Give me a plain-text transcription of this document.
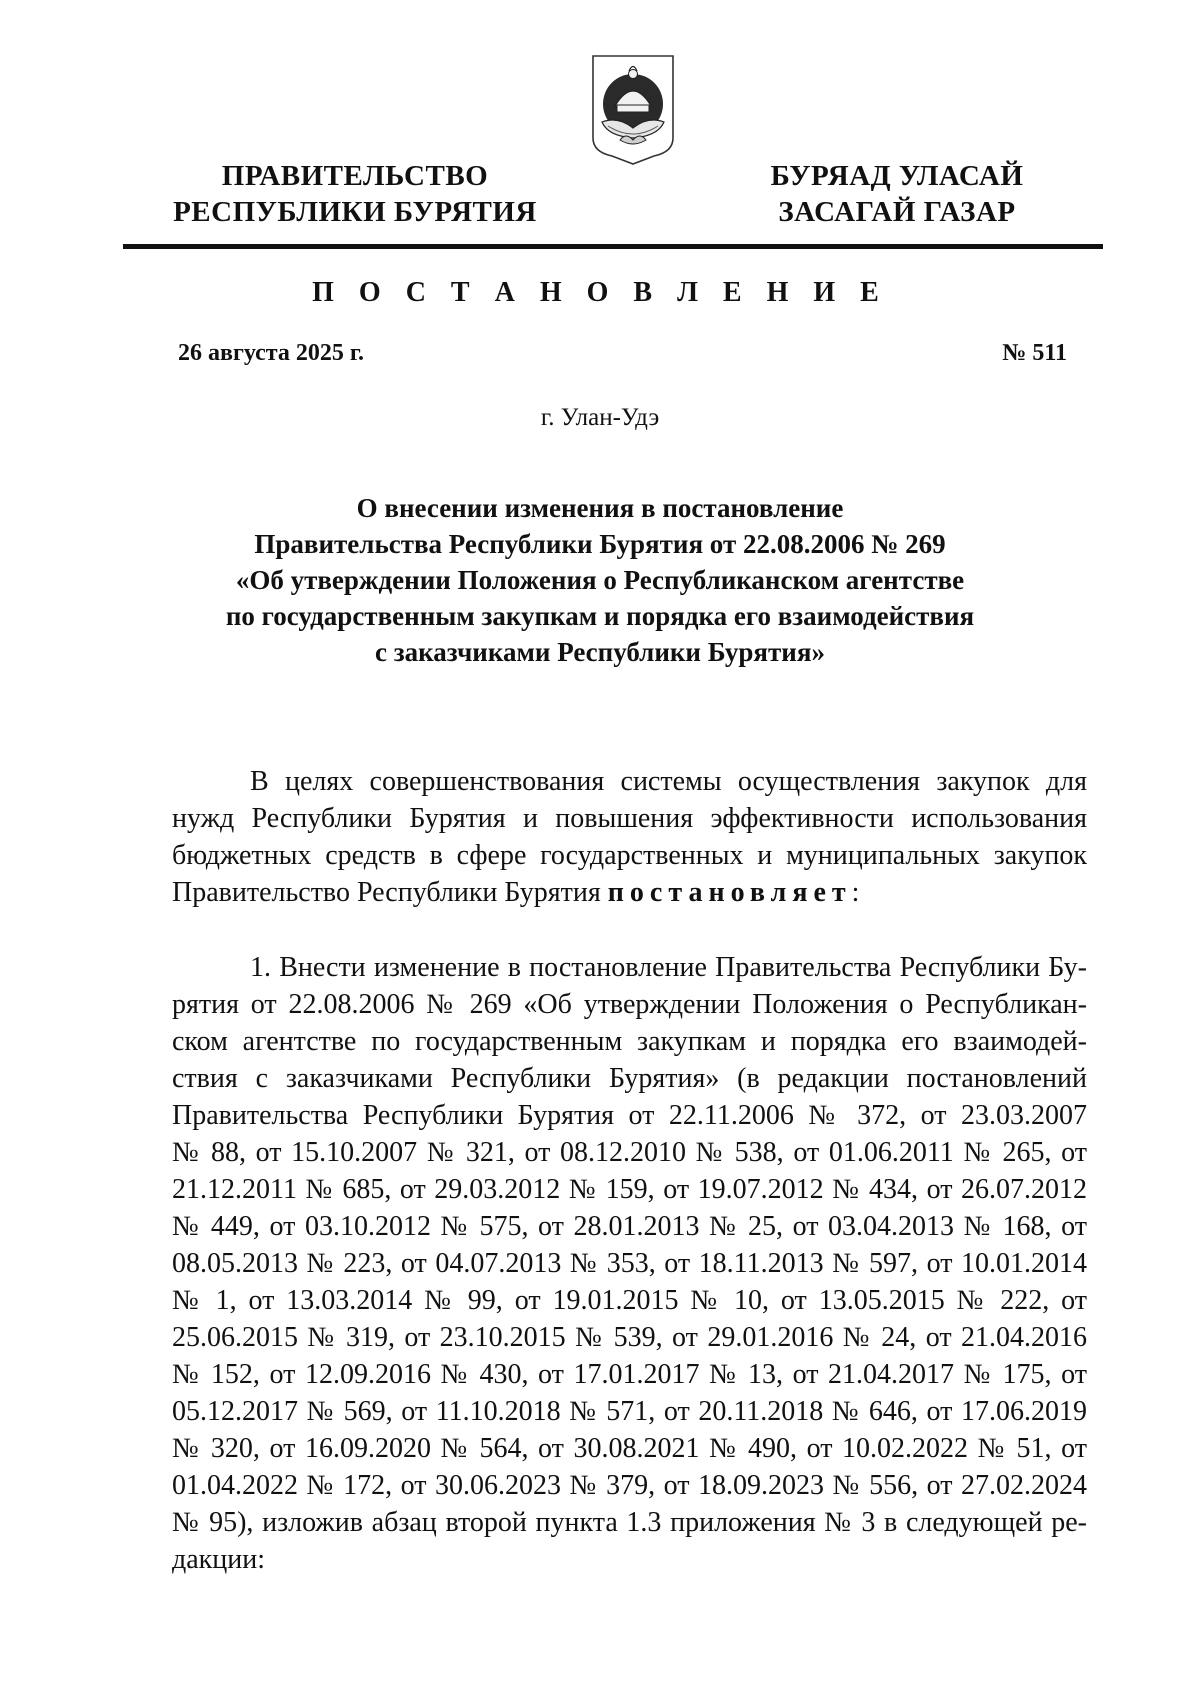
ПРАВИТЕЛЬСТВО
РЕСПУБЛИКИ БУРЯТИЯ
БУРЯАД УЛАСАЙ
ЗАСАГАЙ ГАЗАР
П О С Т А Н О В Л Е Н И Е
26 августа 2025 г.	№ 511
г. Улан-Удэ
О внесении изменения в постановление
Правительства Республики Бурятия от 22.08.2006 № 269
«Об утверждении Положения о Республиканском агентстве
по государственным закупкам и порядка его взаимодействия
с заказчиками Республики Бурятия»
В целях совершенствования системы осуществления закупок для
нужд Республики Бурятия и повышения эффективности использования
бюджетных средств в сфере государственных и муниципальных закупок
Правительство Республики Бурятия постановляет:
1. Внести изменение в постановление Правительства Республики Бу-
рятия от 22.08.2006 № 269 «Об утверждении Положения о Республикан-
ском агентстве по государственным закупкам и порядка его взаимодей-
ствия с заказчиками Республики Бурятия» (в редакции постановлений
Правительства Республики Бурятия от 22.11.2006 № 372, от 23.03.2007
№ 88, от 15.10.2007 № 321, от 08.12.2010 № 538, от 01.06.2011 № 265, от
21.12.2011 № 685, от 29.03.2012 № 159, от 19.07.2012 № 434, от 26.07.2012
№ 449, от 03.10.2012 № 575, от 28.01.2013 № 25, от 03.04.2013 № 168, от
08.05.2013 № 223, от 04.07.2013 № 353, от 18.11.2013 № 597, от 10.01.2014
№ 1, от 13.03.2014 № 99, от 19.01.2015 № 10, от 13.05.2015 № 222, от
25.06.2015 № 319, от 23.10.2015 № 539, от 29.01.2016 № 24, от 21.04.2016
№ 152, от 12.09.2016 № 430, от 17.01.2017 № 13, от 21.04.2017 № 175, от
05.12.2017 № 569, от 11.10.2018 № 571, от 20.11.2018 № 646, от 17.06.2019
№ 320, от 16.09.2020 № 564, от 30.08.2021 № 490, от 10.02.2022 № 51, от
01.04.2022 № 172, от 30.06.2023 № 379, от 18.09.2023 № 556, от 27.02.2024
№ 95), изложив абзац второй пункта 1.3 приложения № 3 в следующей ре-
дакции:
